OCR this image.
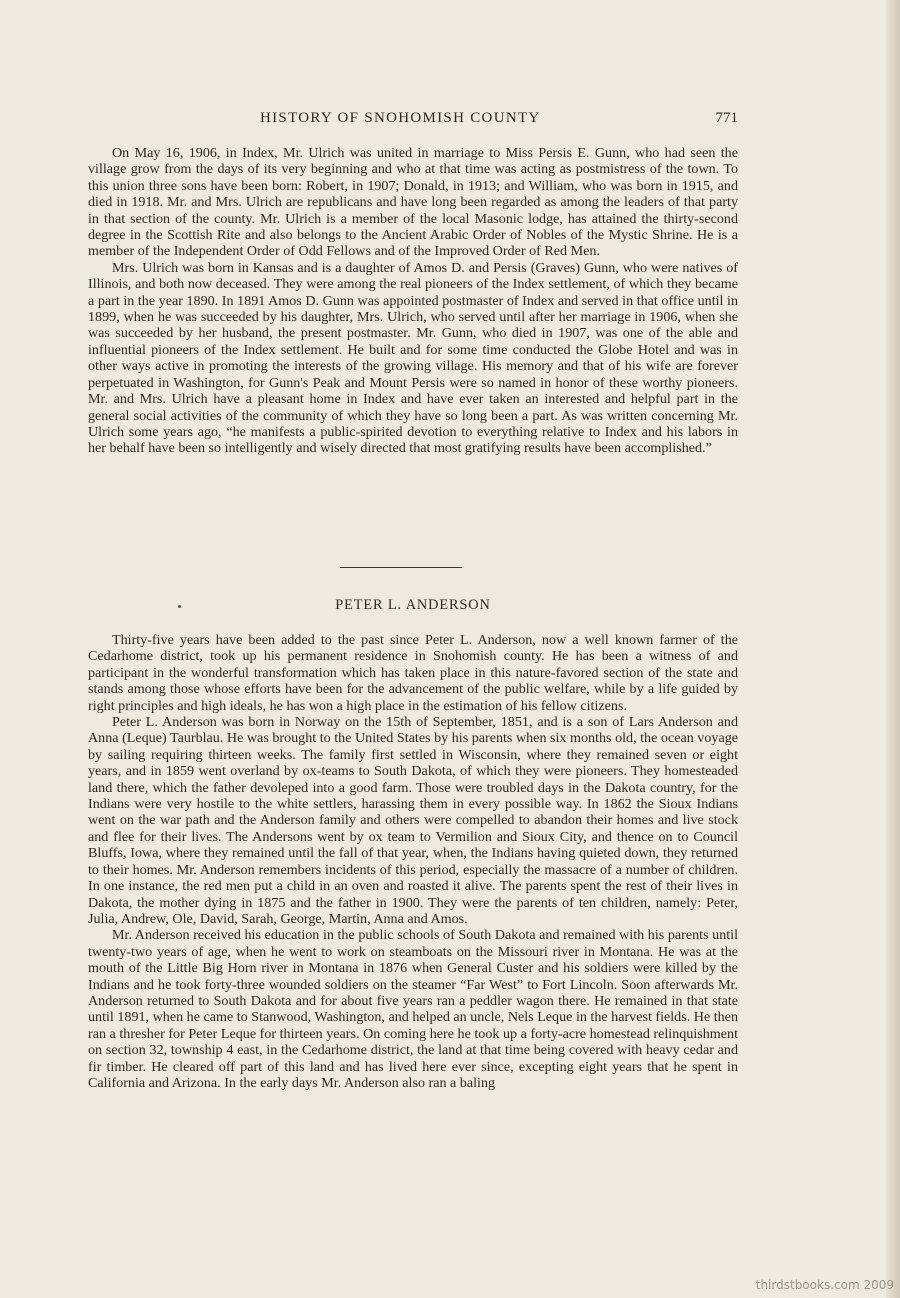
HISTORY OF SNOHOMISH COUNTY	771

On May 16, 1906, in Index, Mr. Ulrich was united in marriage to Miss Persis E. Gunn, who had seen the village grow from the days of its very beginning and who at that time was acting as postmistress of the town. To this union three sons have been born: Robert, in 1907; Donald, in 1913; and William, who was born in 1915, and died in 1918. Mr. and Mrs. Ulrich are republicans and have long been regarded as among the leaders of that party in that section of the county. Mr. Ulrich is a member of the local Masonic lodge, has attained the thirty-second degree in the Scottish Rite and also belongs to the Ancient Arabic Order of Nobles of the Mystic Shrine. He is a member of the Independent Order of Odd Fellows and of the Improved Order of Red Men.

Mrs. Ulrich was born in Kansas and is a daughter of Amos D. and Persis (Graves) Gunn, who were natives of Illinois, and both now deceased. They were among the real pioneers of the Index settlement, of which they became a part in the year 1890. In 1891 Amos D. Gunn was appointed postmaster of Index and served in that office until in 1899, when he was succeeded by his daughter, Mrs. Ulrich, who served until after her marriage in 1906, when she was succeeded by her husband, the present postmaster. Mr. Gunn, who died in 1907, was one of the able and influential pioneers of the Index settlement. He built and for some time conducted the Globe Hotel and was in other ways active in promoting the interests of the growing village. His memory and that of his wife are forever perpetuated in Washington, for Gunn's Peak and Mount Persis were so named in honor of these worthy pioneers. Mr. and Mrs. Ulrich have a pleasant home in Index and have ever taken an interested and helpful part in the general social activities of the community of which they have so long been a part. As was written concerning Mr. Ulrich some years ago, “he manifests a public-spirited devotion to everything relative to Index and his labors in her behalf have been so intelligently and wisely directed that most gratifying results have been accomplished.”

PETER L. ANDERSON

Thirty-five years have been added to the past since Peter L. Anderson, now a well known farmer of the Cedarhome district, took up his permanent residence in Snohomish county. He has been a witness of and participant in the wonderful transformation which has taken place in this nature-favored section of the state and stands among those whose efforts have been for the advancement of the public welfare, while by a life guided by right principles and high ideals, he has won a high place in the estimation of his fellow citizens.

Peter L. Anderson was born in Norway on the 15th of September, 1851, and is a son of Lars Anderson and Anna (Leque) Taurblau. He was brought to the United States by his parents when six months old, the ocean voyage by sailing requiring thirteen weeks. The family first settled in Wisconsin, where they remained seven or eight years, and in 1859 went overland by ox-teams to South Dakota, of which they were pioneers. They homesteaded land there, which the father devoleped into a good farm. Those were troubled days in the Dakota country, for the Indians were very hostile to the white settlers, harassing them in every possible way. In 1862 the Sioux Indians went on the war path and the Anderson family and others were compelled to abandon their homes and live stock and flee for their lives. The Andersons went by ox team to Vermilion and Sioux City, and thence on to Council Bluffs, Iowa, where they remained until the fall of that year, when, the Indians having quieted down, they returned to their homes. Mr. Anderson remembers incidents of this period, especially the massacre of a number of children. In one instance, the red men put a child in an oven and roasted it alive. The parents spent the rest of their lives in Dakota, the mother dying in 1875 and the father in 1900. They were the parents of ten children, namely: Peter, Julia, Andrew, Ole, David, Sarah, George, Martin, Anna and Amos.

Mr. Anderson received his education in the public schools of South Dakota and remained with his parents until twenty-two years of age, when he went to work on steamboats on the Missouri river in Montana. He was at the mouth of the Little Big Horn river in Montana in 1876 when General Custer and his soldiers were killed by the Indians and he took forty-three wounded soldiers on the steamer “Far West” to Fort Lincoln. Soon afterwards Mr. Anderson returned to South Dakota and for about five years ran a peddler wagon there. He remained in that state until 1891, when he came to Stanwood, Washington, and helped an uncle, Nels Leque in the harvest fields. He then ran a thresher for Peter Leque for thirteen years. On coming here he took up a forty-acre homestead relinquishment on section 32, township 4 east, in the Cedarhome district, the land at that time being covered with heavy cedar and fir timber. He cleared off part of this land and has lived here ever since, excepting eight years that he spent in California and Arizona. In the early days Mr. Anderson also ran a baling

thirdstbooks.com 2009
